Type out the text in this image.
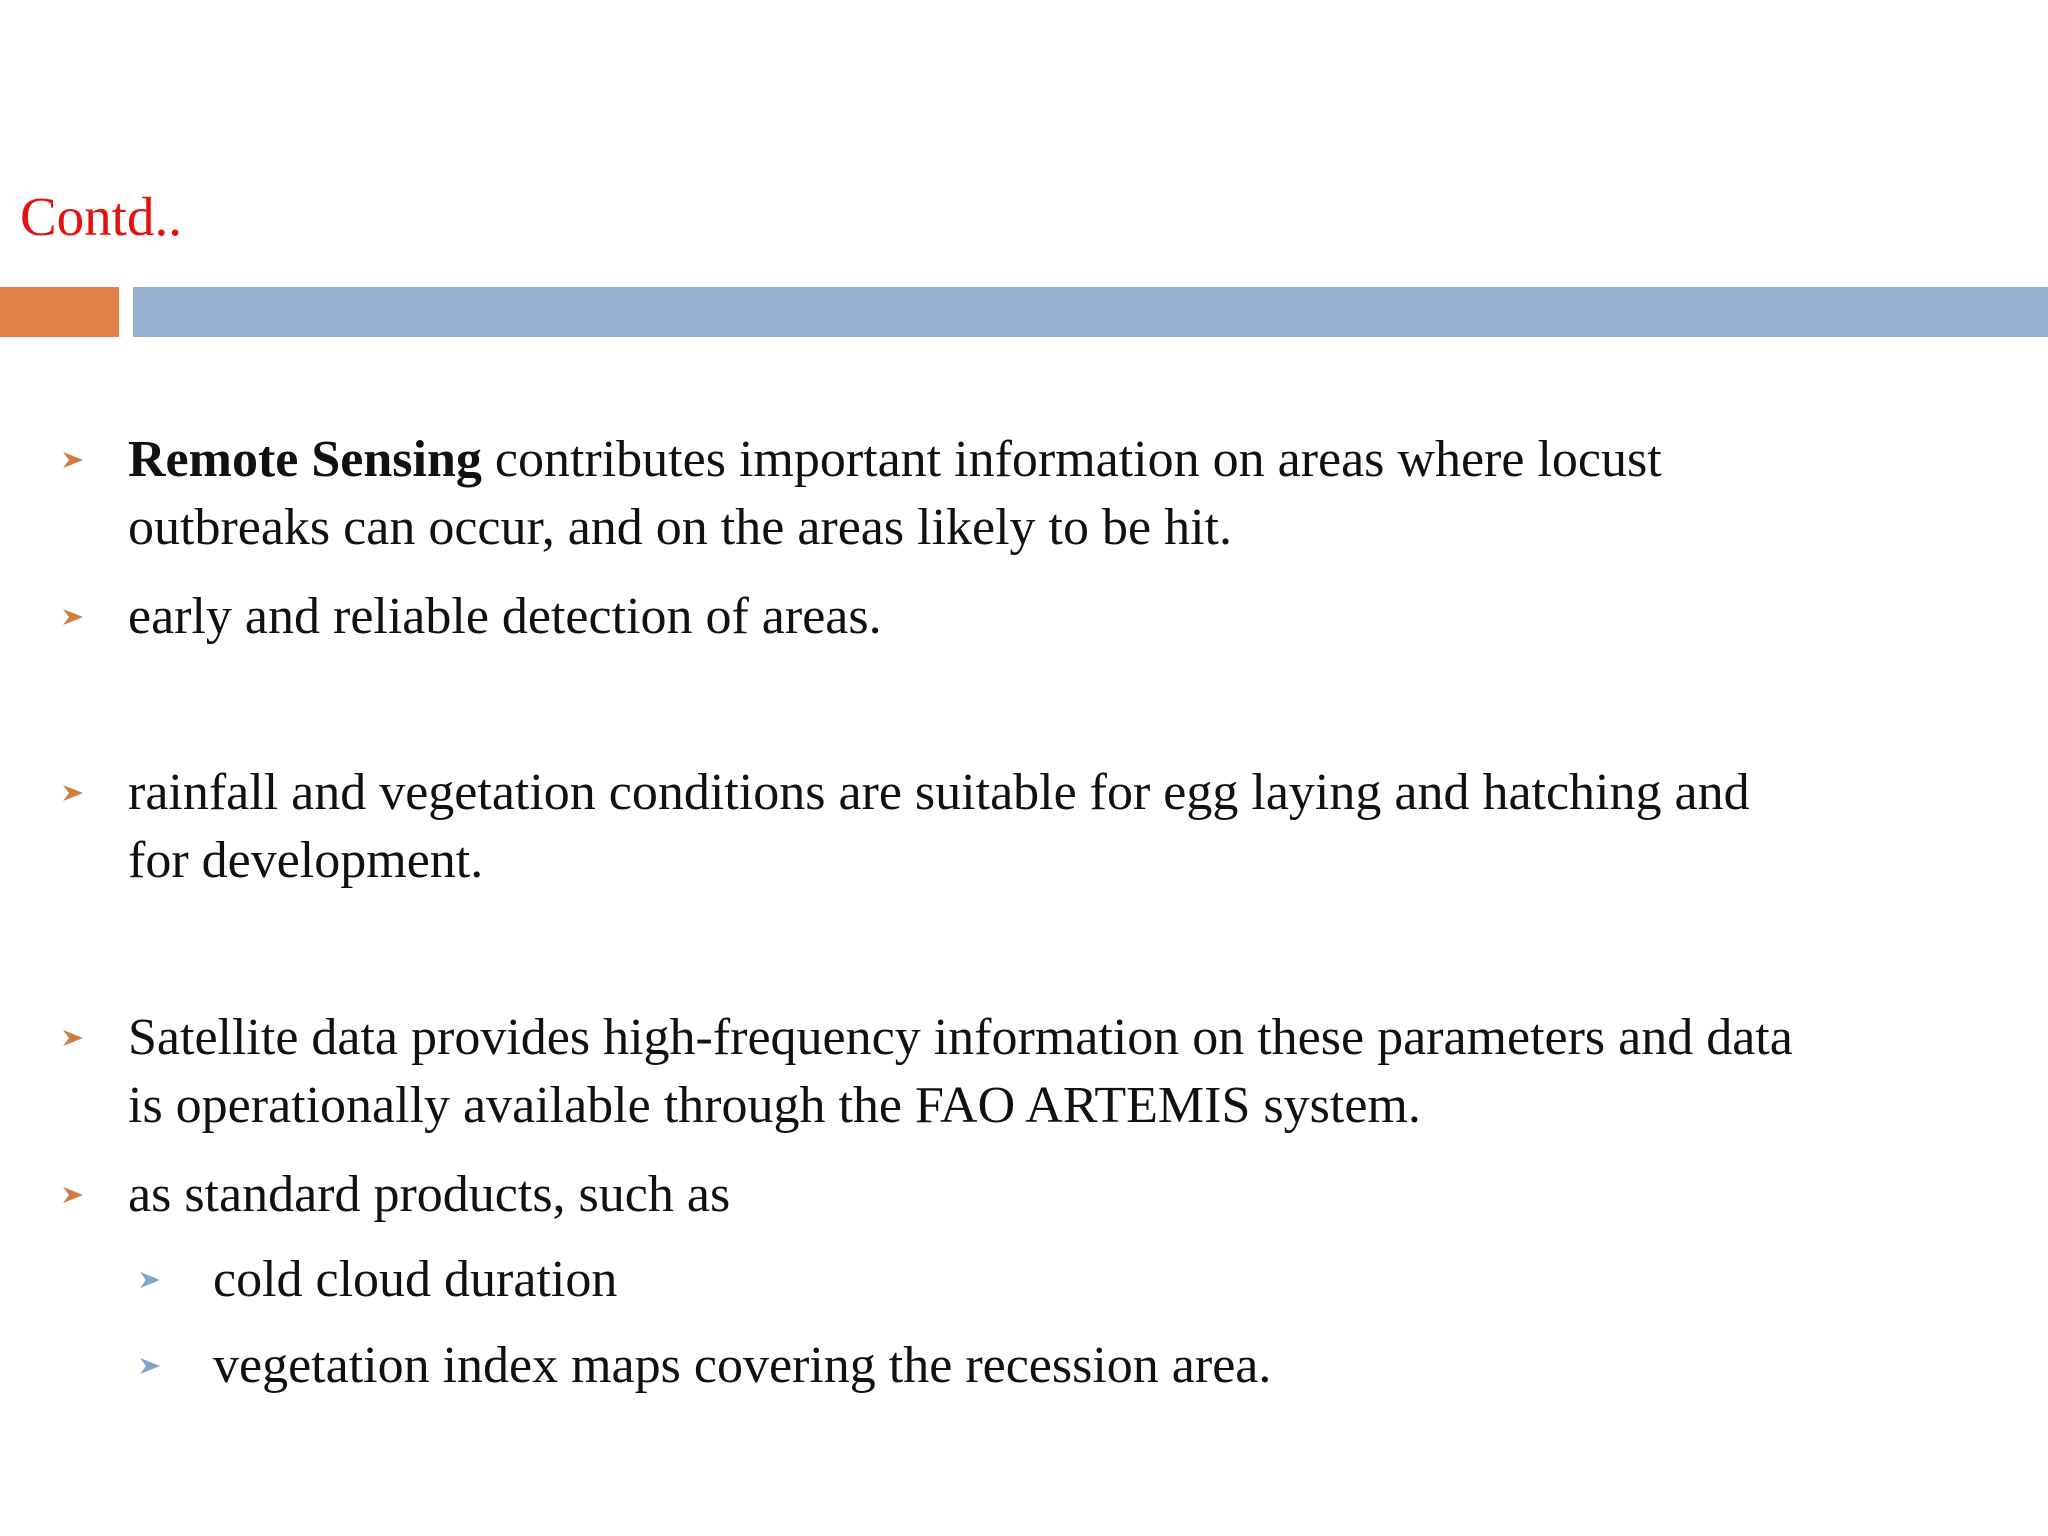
Contd..
Remote Sensing contributes important information on areas where locust
outbreaks can occur, and on the areas likely to be hit.
early and reliable detection of areas.
rainfall and vegetation conditions are suitable for egg laying and hatching and
for development.
Satellite data provides high-frequency information on these parameters and data
is operationally available through the FAO ARTEMIS system.
as standard products, such as
cold cloud duration
vegetation index maps covering the recession area.
